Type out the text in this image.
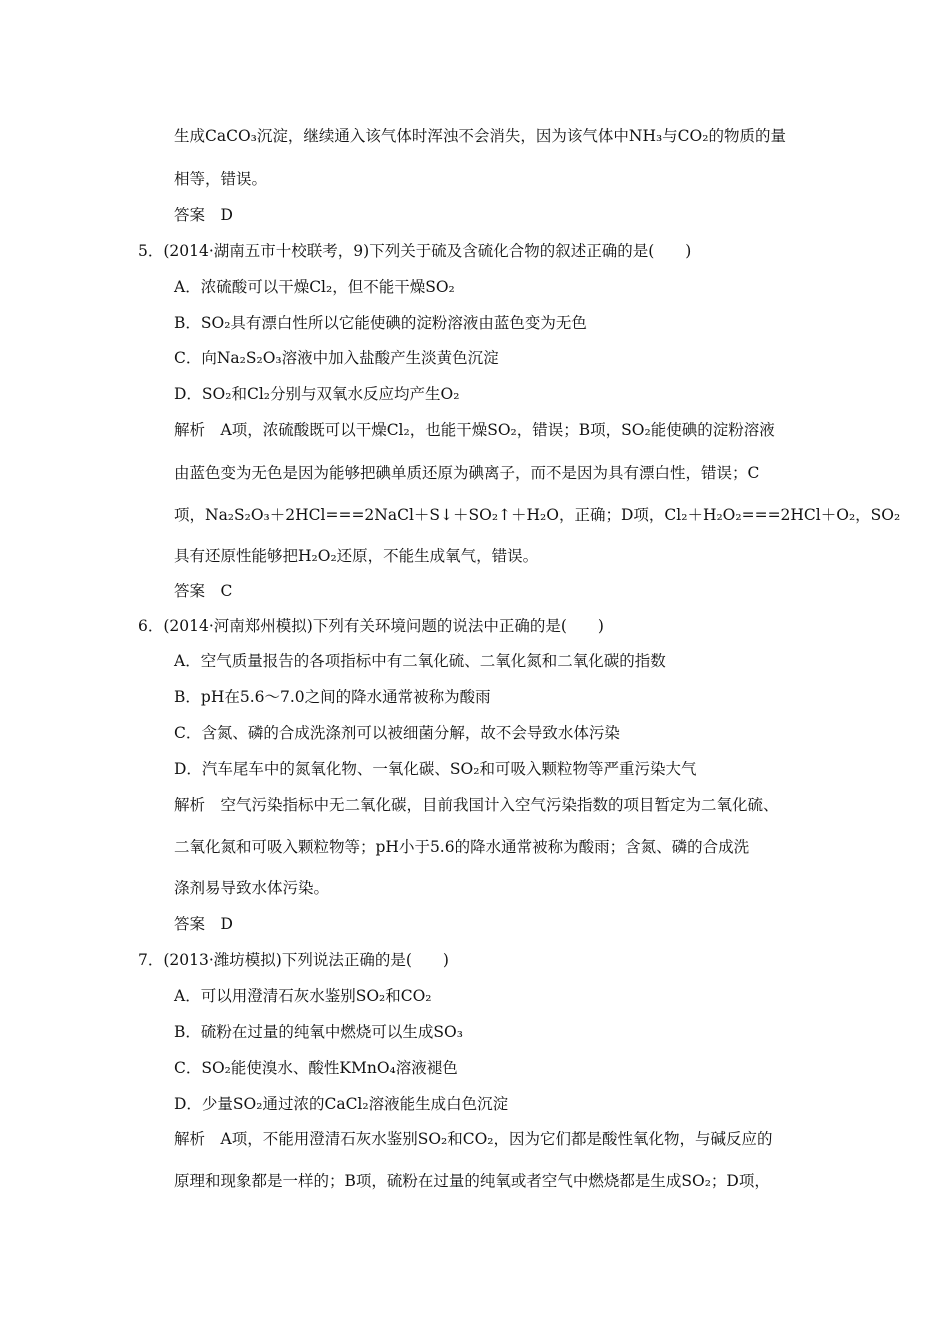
生成CaCO₃沉淀，继续通入该气体时浑浊不会消失，因为该气体中NH₃与CO₂的物质的量
相等，错误。
答案　D
5．(2014·湖南五市十校联考，9)下列关于硫及含硫化合物的叙述正确的是(　　)
A．浓硫酸可以干燥Cl₂，但不能干燥SO₂
B．SO₂具有漂白性所以它能使碘的淀粉溶液由蓝色变为无色
C．向Na₂S₂O₃溶液中加入盐酸产生淡黄色沉淀
D．SO₂和Cl₂分别与双氧水反应均产生O₂
解析　A项，浓硫酸既可以干燥Cl₂，也能干燥SO₂，错误；B项，SO₂能使碘的淀粉溶液
由蓝色变为无色是因为能够把碘单质还原为碘离子，而不是因为具有漂白性，错误；C
项，Na₂S₂O₃＋2HCl===2NaCl＋S↓＋SO₂↑＋H₂O，正确；D项，Cl₂＋H₂O₂===2HCl＋O₂，SO₂
具有还原性能够把H₂O₂还原，不能生成氧气，错误。
答案　C
6．(2014·河南郑州模拟)下列有关环境问题的说法中正确的是(　　)
A．空气质量报告的各项指标中有二氧化硫、二氧化氮和二氧化碳的指数
B．pH在5.6～7.0之间的降水通常被称为酸雨
C．含氮、磷的合成洗涤剂可以被细菌分解，故不会导致水体污染
D．汽车尾车中的氮氧化物、一氧化碳、SO₂和可吸入颗粒物等严重污染大气
解析　空气污染指标中无二氧化碳，目前我国计入空气污染指数的项目暂定为二氧化硫、
二氧化氮和可吸入颗粒物等；pH小于5.6的降水通常被称为酸雨；含氮、磷的合成洗
涤剂易导致水体污染。
答案　D
7．(2013·潍坊模拟)下列说法正确的是(　　)
A．可以用澄清石灰水鉴别SO₂和CO₂
B．硫粉在过量的纯氧中燃烧可以生成SO₃
C．SO₂能使溴水、酸性KMnO₄溶液褪色
D．少量SO₂通过浓的CaCl₂溶液能生成白色沉淀
解析　A项，不能用澄清石灰水鉴别SO₂和CO₂，因为它们都是酸性氧化物，与碱反应的
原理和现象都是一样的；B项，硫粉在过量的纯氧或者空气中燃烧都是生成SO₂；D项，
